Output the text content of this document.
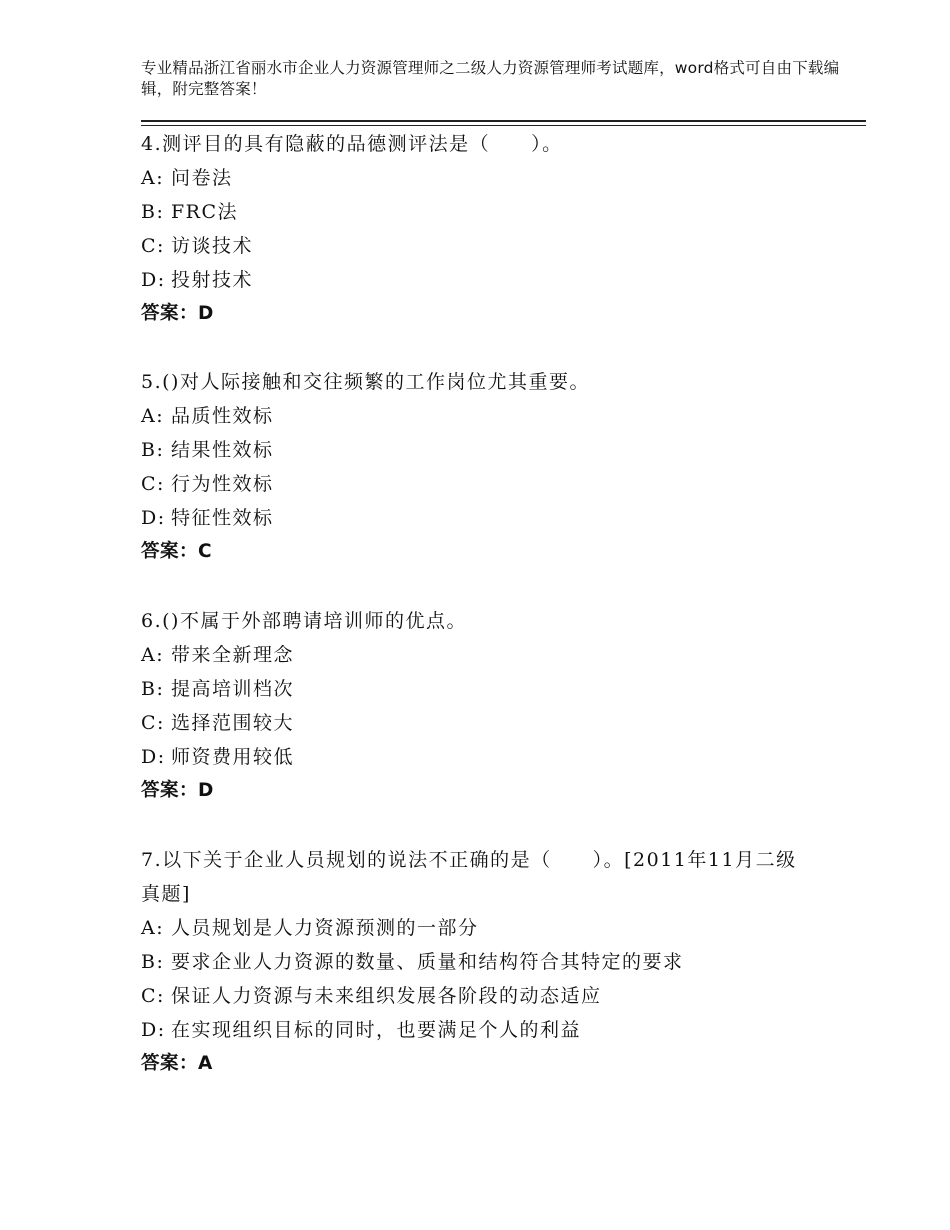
专业精品浙江省丽水市企业人力资源管理师之二级人力资源管理师考试题库，word格式可自由下载编辑，附完整答案！
4.测评目的具有隐蔽的品德测评法是（　　）。
A: 问卷法
B: FRC法
C: 访谈技术
D: 投射技术
答案：D
5.()对人际接触和交往频繁的工作岗位尤其重要。
A: 品质性效标
B: 结果性效标
C: 行为性效标
D: 特征性效标
答案：C
6.()不属于外部聘请培训师的优点。
A: 带来全新理念
B: 提高培训档次
C: 选择范围较大
D: 师资费用较低
答案：D
7.以下关于企业人员规划的说法不正确的是（　　）。[2011年11月二级真题]
A: 人员规划是人力资源预测的一部分
B: 要求企业人力资源的数量、质量和结构符合其特定的要求
C: 保证人力资源与未来组织发展各阶段的动态适应
D: 在实现组织目标的同时，也要满足个人的利益
答案：A
